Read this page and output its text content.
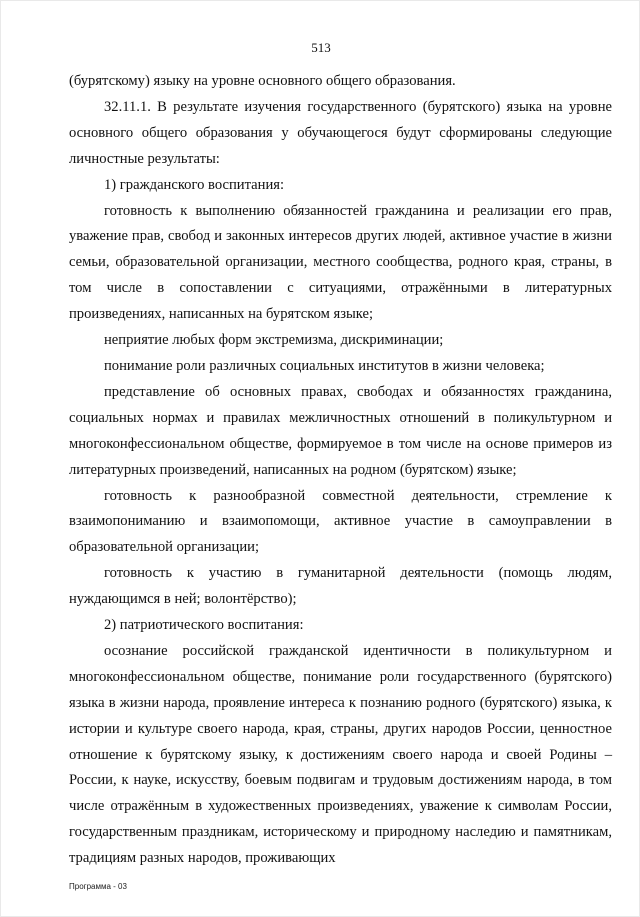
513

(бурятскому) языку на уровне основного общего образования.

32.11.1. В результате изучения государственного (бурятского) языка на уровне основного общего образования у обучающегося будут сформированы следующие личностные результаты:

1) гражданского воспитания:

готовность к выполнению обязанностей гражданина и реализации его прав, уважение прав, свобод и законных интересов других людей, активное участие в жизни семьи, образовательной организации, местного сообщества, родного края, страны, в том числе в сопоставлении с ситуациями, отражёнными в литературных произведениях, написанных на бурятском языке;

неприятие любых форм экстремизма, дискриминации;

понимание роли различных социальных институтов в жизни человека;

представление об основных правах, свободах и обязанностях гражданина, социальных нормах и правилах межличностных отношений в поликультурном и многоконфессиональном обществе, формируемое в том числе на основе примеров из литературных произведений, написанных на родном (бурятском) языке;

готовность к разнообразной совместной деятельности, стремление к взаимопониманию и взаимопомощи, активное участие в самоуправлении в образовательной организации;

готовность к участию в гуманитарной деятельности (помощь людям, нуждающимся в ней; волонтёрство);

2) патриотического воспитания:

осознание российской гражданской идентичности в поликультурном и многоконфессиональном обществе, понимание роли государственного (бурятского) языка в жизни народа, проявление интереса к познанию родного (бурятского) языка, к истории и культуре своего народа, края, страны, других народов России, ценностное отношение к бурятскому языку, к достижениям своего народа и своей Родины – России, к науке, искусству, боевым подвигам и трудовым достижениям народа, в том числе отражённым в художественных произведениях, уважение к символам России, государственным праздникам, историческому и природному наследию и памятникам, традициям разных народов, проживающих

Программа - 03
